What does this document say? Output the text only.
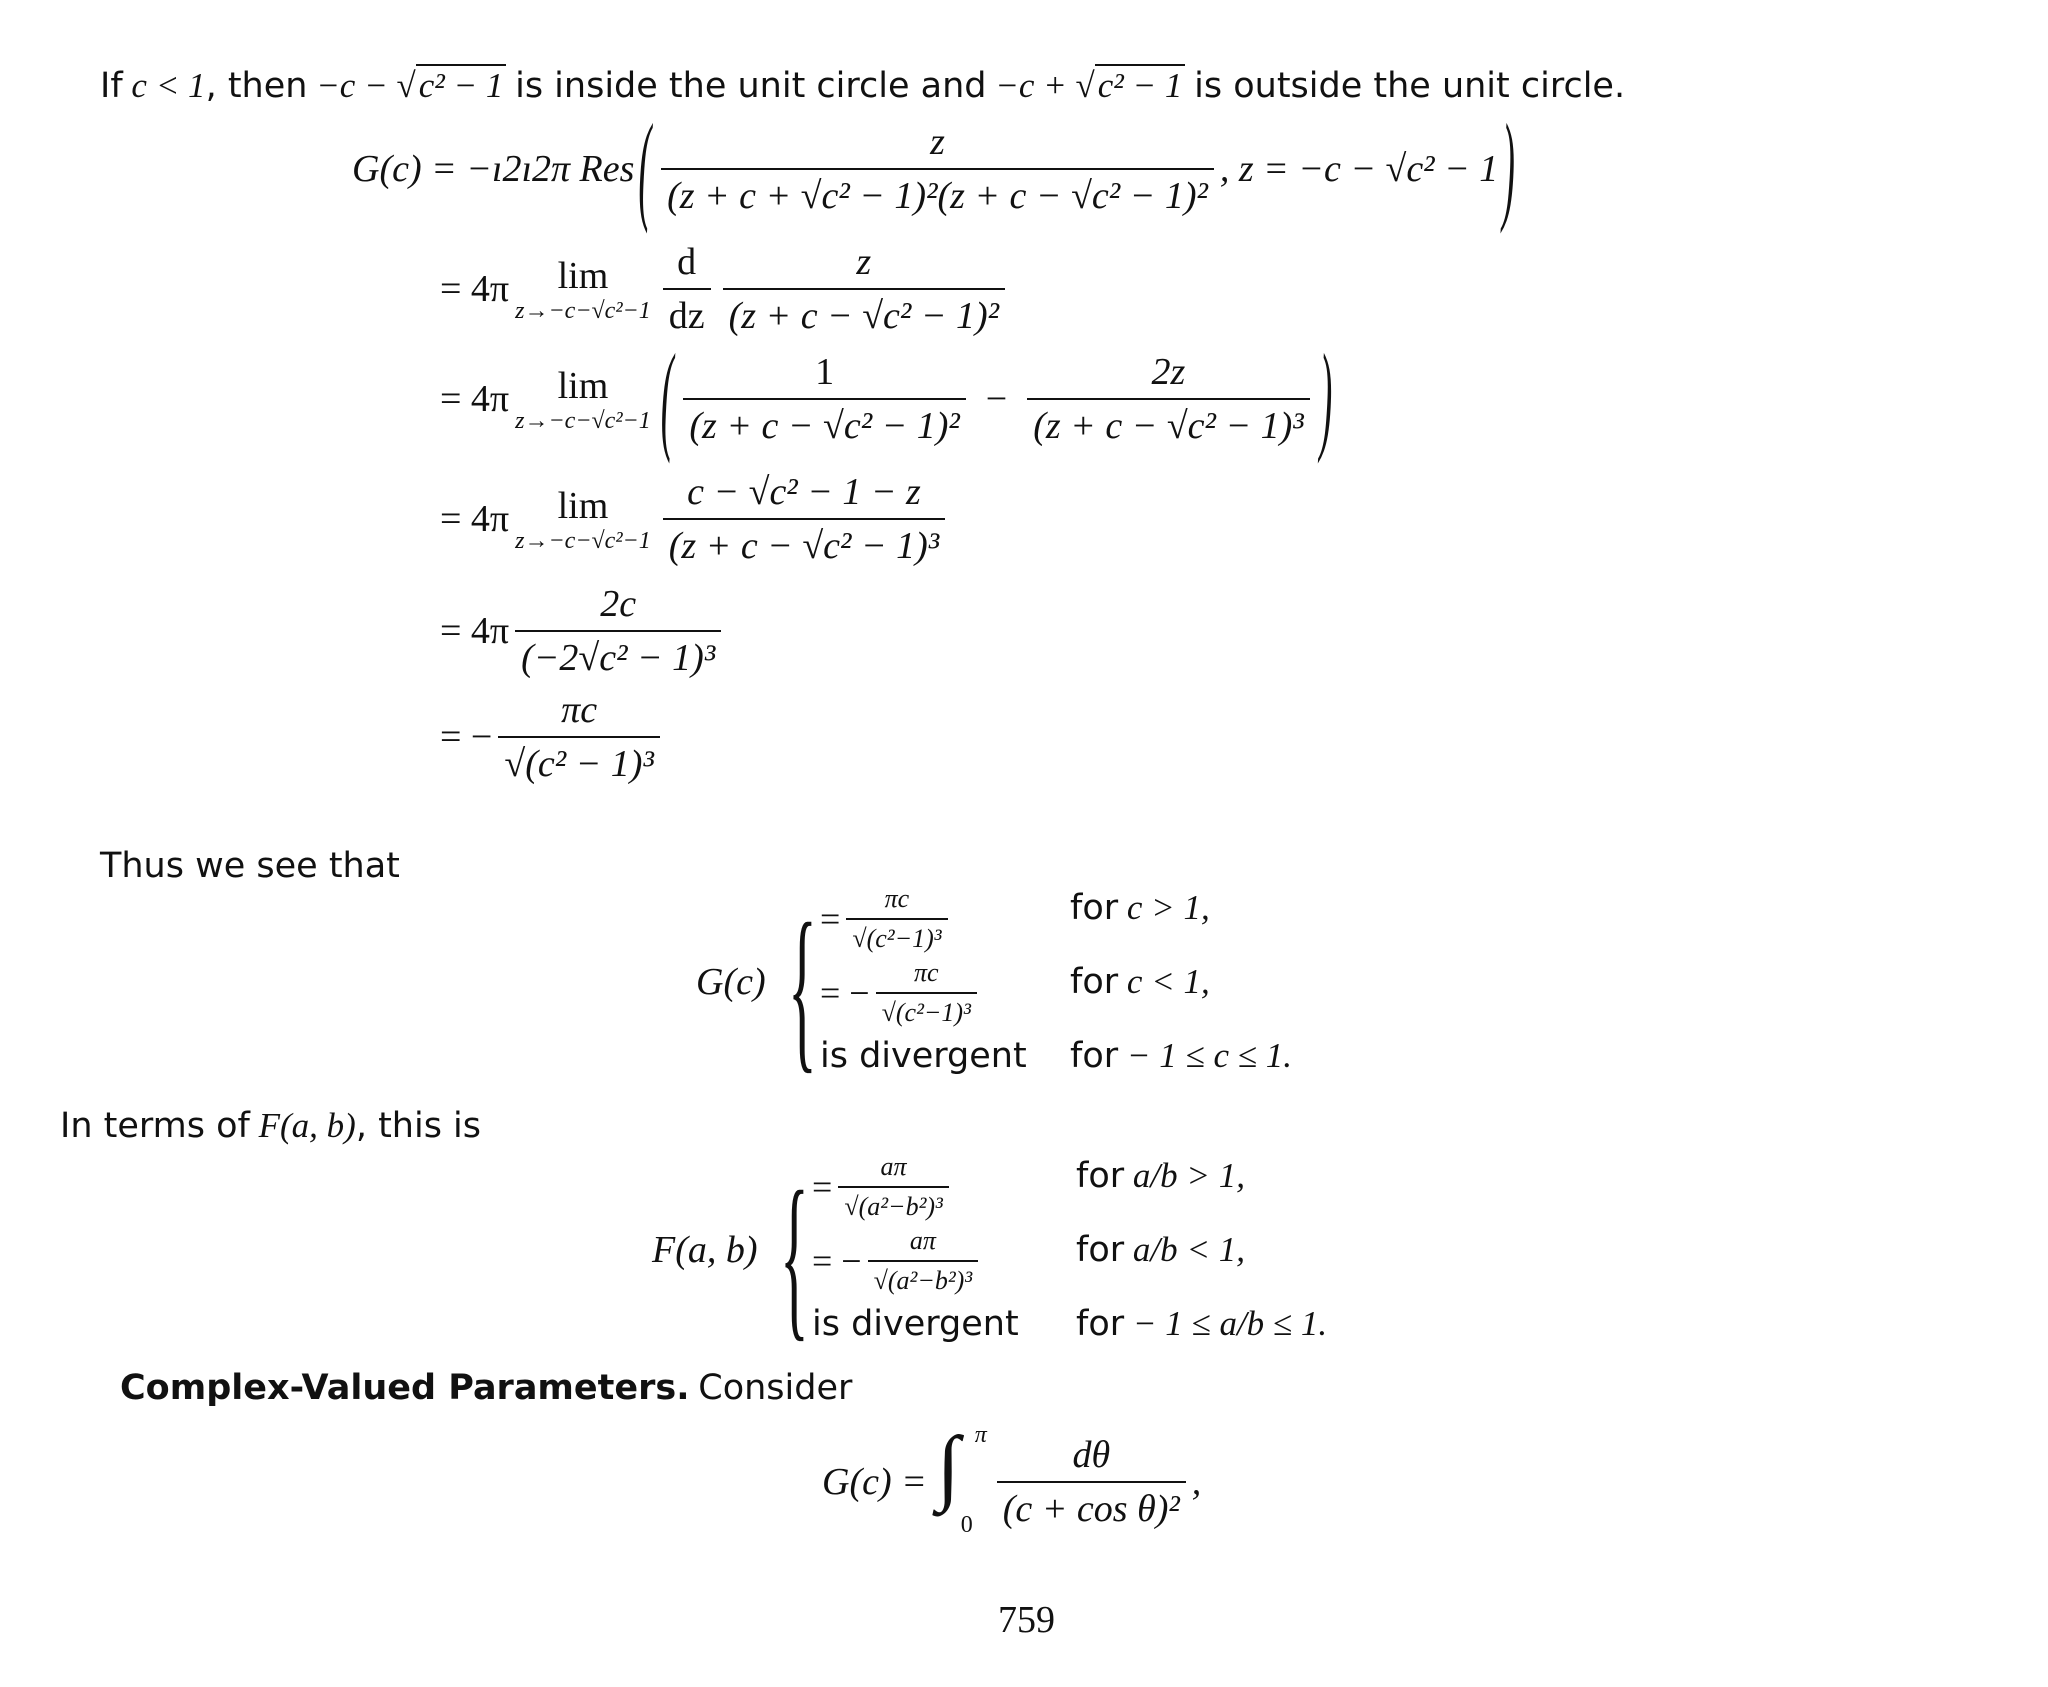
If c < 1, then −c − √c² − 1 is inside the unit circle and −c + √c² − 1 is outside the unit circle.
G(c) = −ı2ı2π Res ( $\frac{z}{\text{(z + c + √c² − 1)²(z + c − √c² − 1)²}}$ , z = −c − √c² − 1 )
= 4π lim
$z\to-c-√c^2-1 \frac{d}{dz} \frac{z}{\text{(z + c − √c² − 1)²}}$
= 4π lim
z→−c−√c²−1 ( $\frac{1}{\text{(z + c − √c² − 1)²}} - \frac{2z}{\text{(z + c − √c² − 1)³}}$ )
= 4π lim
$z\to-c-√c^2-1 \frac{\text{c − √c² − 1 − z}}{\text{(z + c − √c² − 1)³}}$
= $4\pi \frac{2c}{\text{(−2√c² − 1)³}}$
= − $\frac{\pi c}{\text{√(c² − 1)³}}$
Thus we see that
G(c) { = $\frac{\pi c}{\text{√(c²−1)³}}$	for c > 1,
= − $\frac{\pi c}{\text{√(c²−1)³}}$	for c < 1,
is divergent for − 1 ≤ c ≤ 1.
In terms of F(a, b), this is
F(a, b) { = $\frac{a\pi}{\text{√(a²−b²)³}}$	for a/b > 1,
= − $\frac{a\pi}{\text{√(a²−b²)³}}$	for a/b < 1,
is divergent for − 1 ≤ a/b ≤ 1.
Complex-Valued Parameters. Consider
G(c) = ∫ π
$0 \frac{d\theta}{\text{(c + cos θ)²}}$ ,
759
